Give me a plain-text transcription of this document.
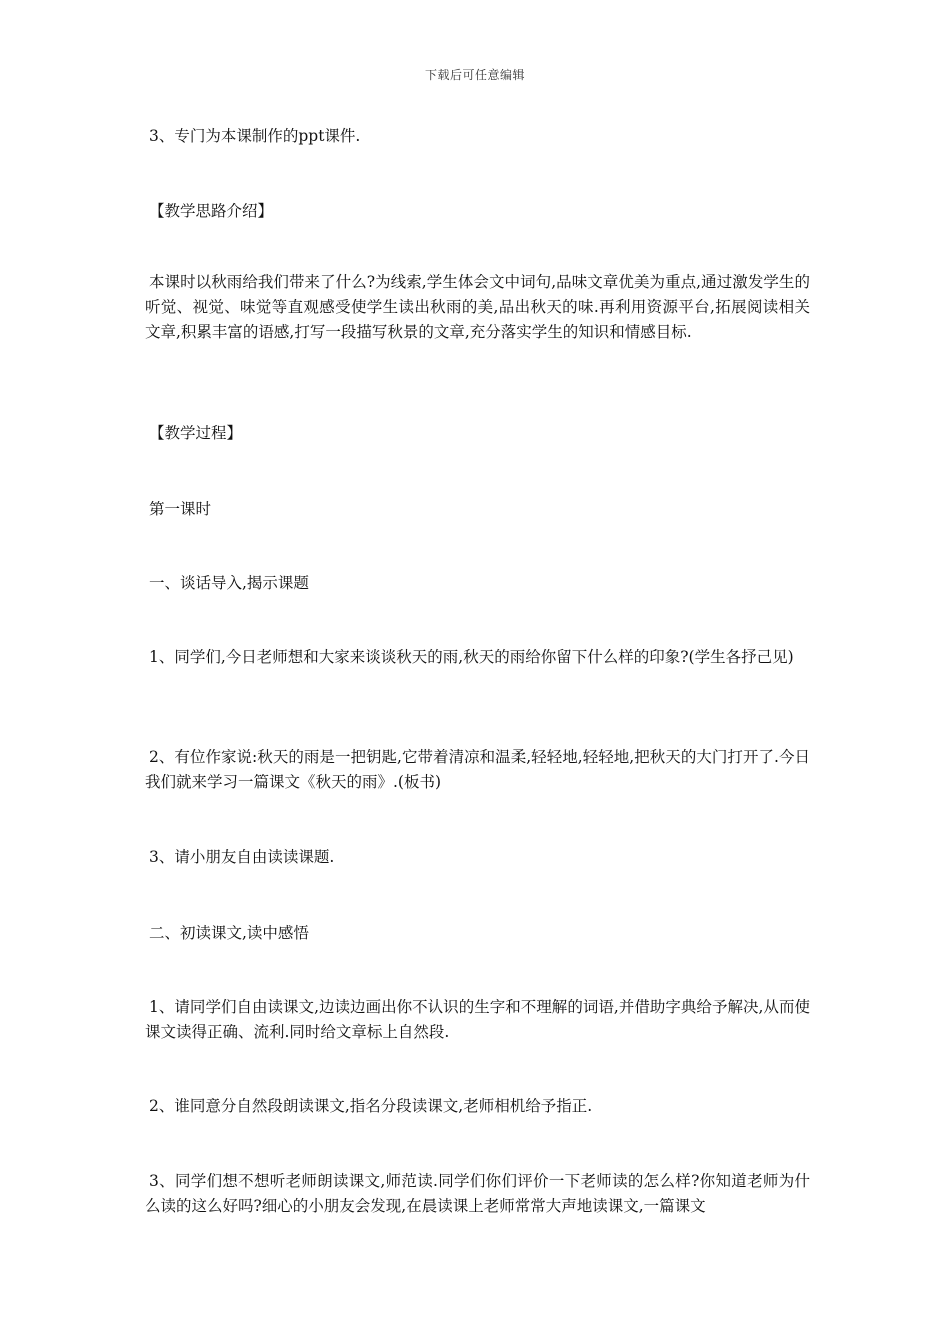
下载后可任意编辑
3、专门为本课制作的ppt课件.
【教学思路介绍】
本课时以秋雨给我们带来了什么?为线索,学生体会文中词句,品味文章优美为重点,通过激发学生的听觉、视觉、味觉等直观感受使学生读出秋雨的美,品出秋天的味.再利用资源平台,拓展阅读相关文章,积累丰富的语感,打写一段描写秋景的文章,充分落实学生的知识和情感目标.
【教学过程】
第一课时
一、谈话导入,揭示课题
1、同学们,今日老师想和大家来谈谈秋天的雨,秋天的雨给你留下什么样的印象?(学生各抒己见)
2、有位作家说:秋天的雨是一把钥匙,它带着清凉和温柔,轻轻地,轻轻地,把秋天的大门打开了.今日我们就来学习一篇课文《秋天的雨》.(板书)
3、请小朋友自由读读课题.
二、初读课文,读中感悟
1、请同学们自由读课文,边读边画出你不认识的生字和不理解的词语,并借助字典给予解决,从而使课文读得正确、流利.同时给文章标上自然段.
2、谁同意分自然段朗读课文,指名分段读课文,老师相机给予指正.
3、同学们想不想听老师朗读课文,师范读.同学们你们评价一下老师读的怎么样?你知道老师为什么读的这么好吗?细心的小朋友会发现,在晨读课上老师常常大声地读课文,一篇课文
